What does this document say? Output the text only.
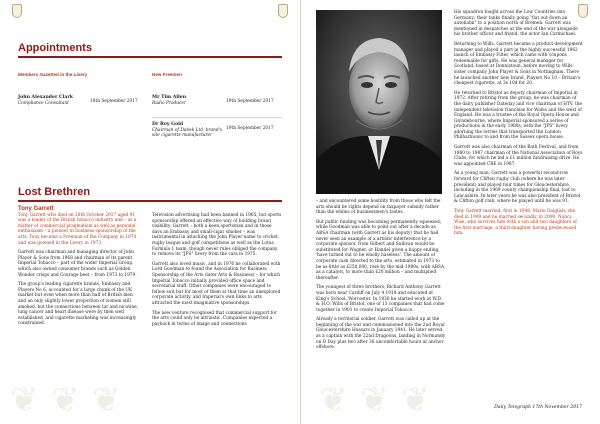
Appointments
Members Gazetted in the Livery	New Freemen
John Alexander Clark
Compliance Consultant	18th September 2017
Mr Tim Allen
Radio Producer	19th September 2017
Dr Roy Gold
Chairman of Dabek Ltd, brand's site cigarette manufacturer
19th September 2017
Lost Brethren
Tony Garrett

Tony Garrett who died on 28th October 2017 aged 91 was a leader of the British tobacco industry and – as a matter of commercial pragmatism as well as personal enthusiasm – a pioneer in business sponsorship of the arts. Tony became a Freeman of the Company in 1970 and was gowned in the Livery in 1973.

Garrett was chairman and managing director of John Player & Sons from 1968 and chairman of its parent Imperial Tobacco – part of the wider Imperial Group, which also owned consumer brands such as Golden Wonder crisps and Courage beer – from 1973 to 1979.

The group's leading cigarette brands, Embassy and Players No 6, accounted for a large chunk of the UK market but even when more than half of British men and an only slightly lower proportion of women still smoked, but the connections between tar and nicotine, lung cancer and heart disease were by then well established, and cigarette marketing was increasingly constrained.

Television advertising had been banned in 1965, but sports sponsorship offered an effective way of building brand visibility. Garrett – both a keen sportsman and in those days an Embassy and small-cigar smoker – was instrumental in attaching the John Player name to cricket, rugby league and golf competitions as well as the Lotus Formula 1 team, though never rules obliged the company to remove its "JPS" livery from the cars in 1975.

Garrett also loved music, and in 1976 he collaborated with Lord Goodman to found the Association for Business Sponsorship of the Arts (later Arts & Business) – for which Imperial Tobacco initially provided office space and secretarial staff. Other companies were encouraged to follow suit but for most of them at that time an unexplored corporate activity, and Imperial's own links to arts attracted the most imaginative sponsorships.

The new venture recognised that commercial support for the arts could only be altruistic. Companies expected a payback in terms of image and connections

❦ ❦ ❦	❦ ❦ ❦

– and encountered some hostility from those who felt the arts should be rights depend on taxpayer subsidy rather than the whims of businessmen's tastes.

But public funding was becoming permanently squeezed; while Goodman was able to point out after a decade as ABSA chairman (with Garrett as his deputy) that he had never seen an example of a artistic interference by a corporate sponsor, from Gilbert and Sullivan would be substituted for Wagner, or Handel given a happy ending, 'have turned out to be wholly baseless'. The amount of corporate cash directed to the arts, estimated in 1973 to be as little as £250,000, rose by the mid-1980s, with ABSA as a catalyst, to more than £20 million – and multiplied thereafter.

The youngest of three brothers, Richard Anthony Garrett was born near Cardiff on July 4 1918 and educated at King's School, Worcester. In 1936 he started work at W.D. & H.O. Wills of Bristol, one of 13 companies that had come together in 1901 to create Imperial Tobacco.

Already a territorial soldier, Garrett was called up at the beginning of the war and commissioned into the 2nd Royal Gloucestershire Hussars in January 1941. He later served as a captain with the 22nd Dragoons, landing in Normandy on D Day plus two after 36 uncomfortable hours at anchor offshore.

His squadron fought across the Low Countries into Germany; their tanks finally going "flat out down an autobahn" to a position north of Bremen. Garrett was mentioned in despatches at the end of the war alongside his brother officer and friend, the actor Ian Carmichael.

Returning to Wills, Garrett became a product development manager and played a part in the highly successful 1962 launch of Embassy Filter, which came with coupons redeemable for gifts. He was general manager for Scotland, based at Dennistoun, before moving to Wills' sister company John Player & Sons in Nottingham. There he launched another new brand, Players No 10 – Britain's cheapest cigarette, at 3s 10d for 20.

He returned to Bristol as deputy chairman of Imperial in 1972. After retiring from the group, he was chairman of the dairy publisher Dateday and vice chairman of HTV, the independent television franchise for Wales and the west of England. He was a trustee of the Royal Opera House and Glyndebourne, where Imperial sponsored a series of productions in the early 1980s, with the "JPS" livery adorning the lorries that transported the London Philharmonic to and from the Sussex opera house.

Garrett was also chairman of the Bath Festival, and from 1980 to 1987 chairman of the National Association of Boys Clubs, for which he led a £1 million fundraising drive. He was appointed CBE in 1987.

As a young man, Garrett was a powerful second-row forward for Clifton rugby club (where he was later president) and played four times for Gloucestershire, including in the 1969 county championship final, lost to Lancashire. In later years he was also president of Bristol & Clifton golf club, where he played until he was 91.

Tony Garrett married, first in 1948, Marie Dalglish; she died in 1999 and he married secondly, in 2000, Nancy Wise, who survives him with a son and two daughters of the first marriage, a third daughter having predeceased him.

Daily Telegraph 17th November 2017
